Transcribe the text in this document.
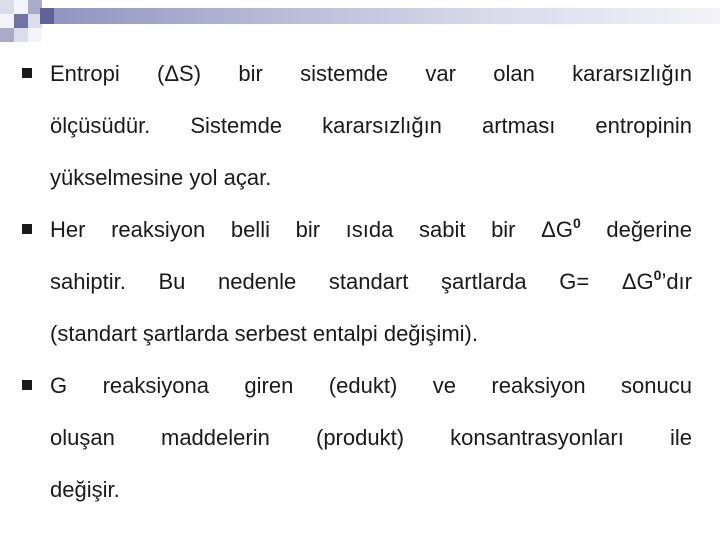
Entropi (ΔS) bir sistemde var olan kararsızlığın
ölçüsüdür. Sistemde kararsızlığın artması entropinin
yükselmesine yol açar.
Her reaksiyon belli bir ısıda sabit bir $\Delta G^0$ değerine
sahiptir. Bu nedenle standart şartlarda $G= \Delta G^0’dır$
(standart şartlarda serbest entalpi değişimi).
G reaksiyona giren (edukt) ve reaksiyon sonucu
oluşan maddelerin (produkt) konsantrasyonları ile
değişir.
